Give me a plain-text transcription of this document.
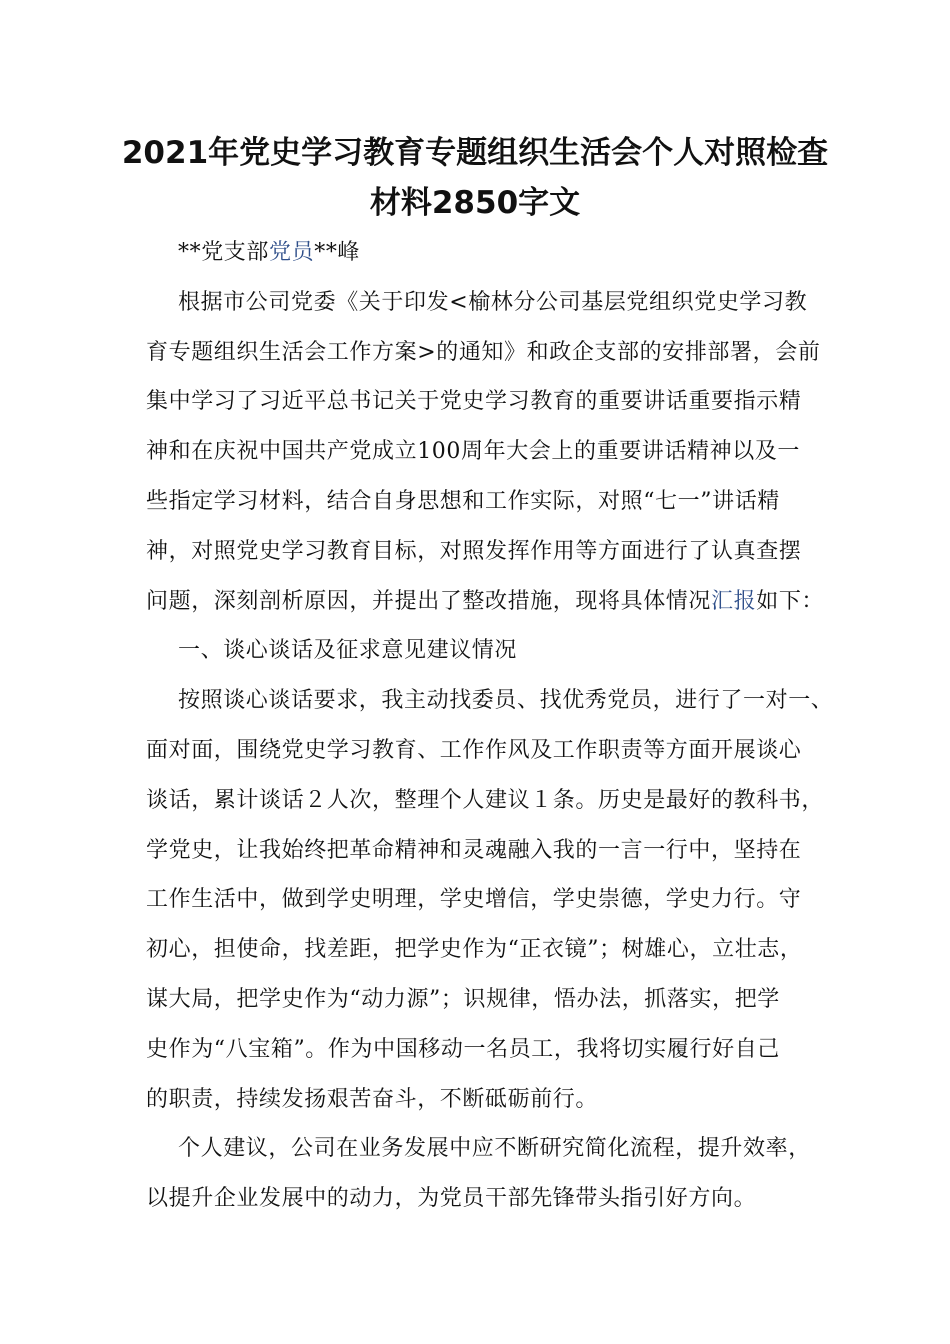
2021年党史学习教育专题组织生活会个人对照检查
材料2850字文

**党支部党员**峰

根据市公司党委《关于印发<榆林分公司基层党组织党史学习教
育专题组织生活会工作方案>的通知》和政企支部的安排部署，会前
集中学习了习近平总书记关于党史学习教育的重要讲话重要指示精
神和在庆祝中国共产党成立100周年大会上的重要讲话精神以及一
些指定学习材料，结合自身思想和工作实际，对照“七一”讲话精
神，对照党史学习教育目标，对照发挥作用等方面进行了认真查摆
问题，深刻剖析原因，并提出了整改措施，现将具体情况汇报如下：

一、谈心谈话及征求意见建议情况

按照谈心谈话要求，我主动找委员、找优秀党员，进行了一对一、
面对面，围绕党史学习教育、工作作风及工作职责等方面开展谈心
谈话，累计谈话２人次，整理个人建议１条。历史是最好的教科书，
学党史，让我始终把革命精神和灵魂融入我的一言一行中，坚持在
工作生活中，做到学史明理，学史增信，学史崇德，学史力行。守
初心，担使命，找差距，把学史作为“正衣镜”；树雄心，立壮志，
谋大局，把学史作为“动力源”；识规律，悟办法，抓落实，把学
史作为“八宝箱”。作为中国移动一名员工，我将切实履行好自己
的职责，持续发扬艰苦奋斗，不断砥砺前行。

个人建议，公司在业务发展中应不断研究简化流程，提升效率，
以提升企业发展中的动力，为党员干部先锋带头指引好方向。
